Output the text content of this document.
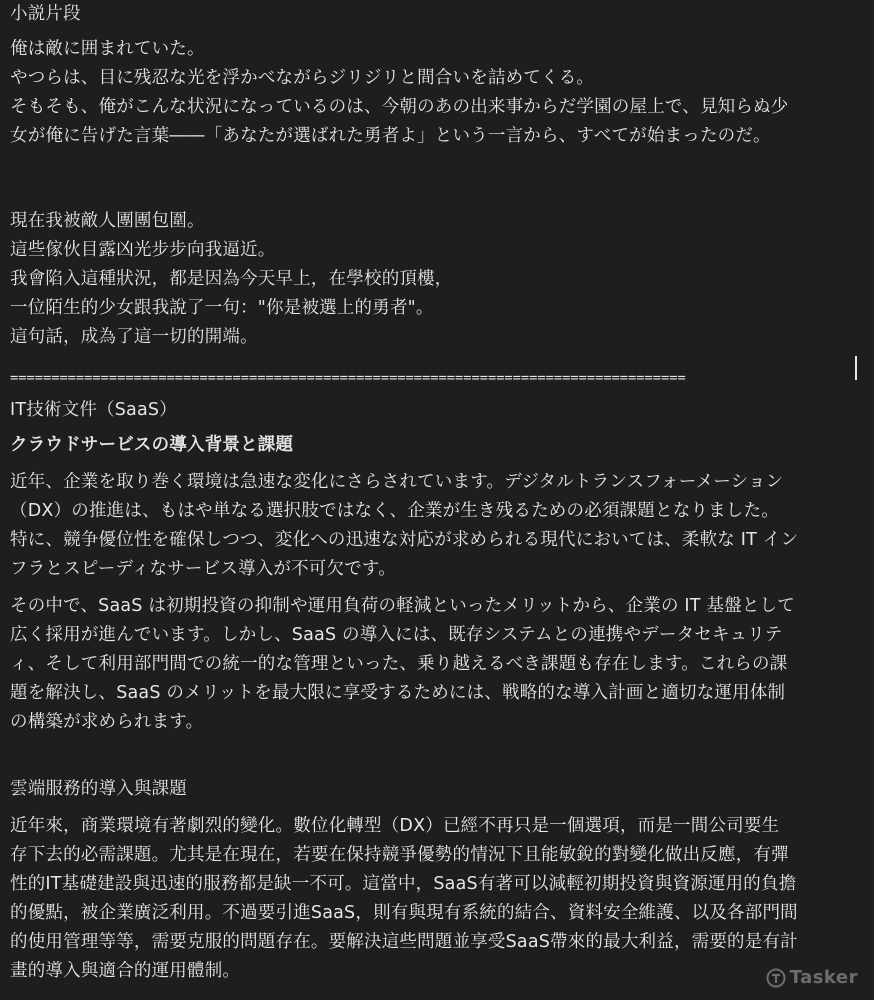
小説片段
俺は敵に囲まれていた。
やつらは、目に残忍な光を浮かべながらジリジリと間合いを詰めてくる。
そもそも、俺がこんな状況になっているのは、今朝のあの出来事からだ学園の屋上で、見知らぬ少
女が俺に告げた言葉――「あなたが選ばれた勇者よ」という一言から、すべてが始まったのだ。
現在我被敵人團團包圍。
這些傢伙目露凶光步步向我逼近。
我會陷入這種狀況，都是因為今天早上，在學校的頂樓，
一位陌生的少女跟我說了一句："你是被選上的勇者"。
這句話，成為了這一切的開端。
==================================================================================
IT技術文件（SaaS）
クラウドサービスの導入背景と課題
近年、企業を取り巻く環境は急速な変化にさらされています。デジタルトランスフォーメーション
（DX）の推進は、もはや単なる選択肢ではなく、企業が生き残るための必須課題となりました。
特に、競争優位性を確保しつつ、変化への迅速な対応が求められる現代においては、柔軟な IT イン
フラとスピーディなサービス導入が不可欠です。
その中で、SaaS は初期投資の抑制や運用負荷の軽減といったメリットから、企業の IT 基盤として
広く採用が進んでいます。しかし、SaaS の導入には、既存システムとの連携やデータセキュリテ
ィ、そして利用部門間での統一的な管理といった、乗り越えるべき課題も存在します。これらの課
題を解決し、SaaS のメリットを最大限に享受するためには、戦略的な導入計画と適切な運用体制
の構築が求められます。
雲端服務的導入與課題
近年來，商業環境有著劇烈的變化。數位化轉型（DX）已經不再只是一個選項，而是一間公司要生
存下去的必需課題。尤其是在現在，若要在保持競爭優勢的情況下且能敏銳的對變化做出反應，有彈
性的IT基礎建設與迅速的服務都是缺一不可。這當中，SaaS有著可以減輕初期投資與資源運用的負擔
的優點，被企業廣泛利用。不過要引進SaaS，則有與現有系統的結合、資料安全維護、以及各部門間
的使用管理等等，需要克服的問題存在。要解決這些問題並享受SaaS帶來的最大利益，需要的是有計
畫的導入與適合的運用體制。	Tasker
